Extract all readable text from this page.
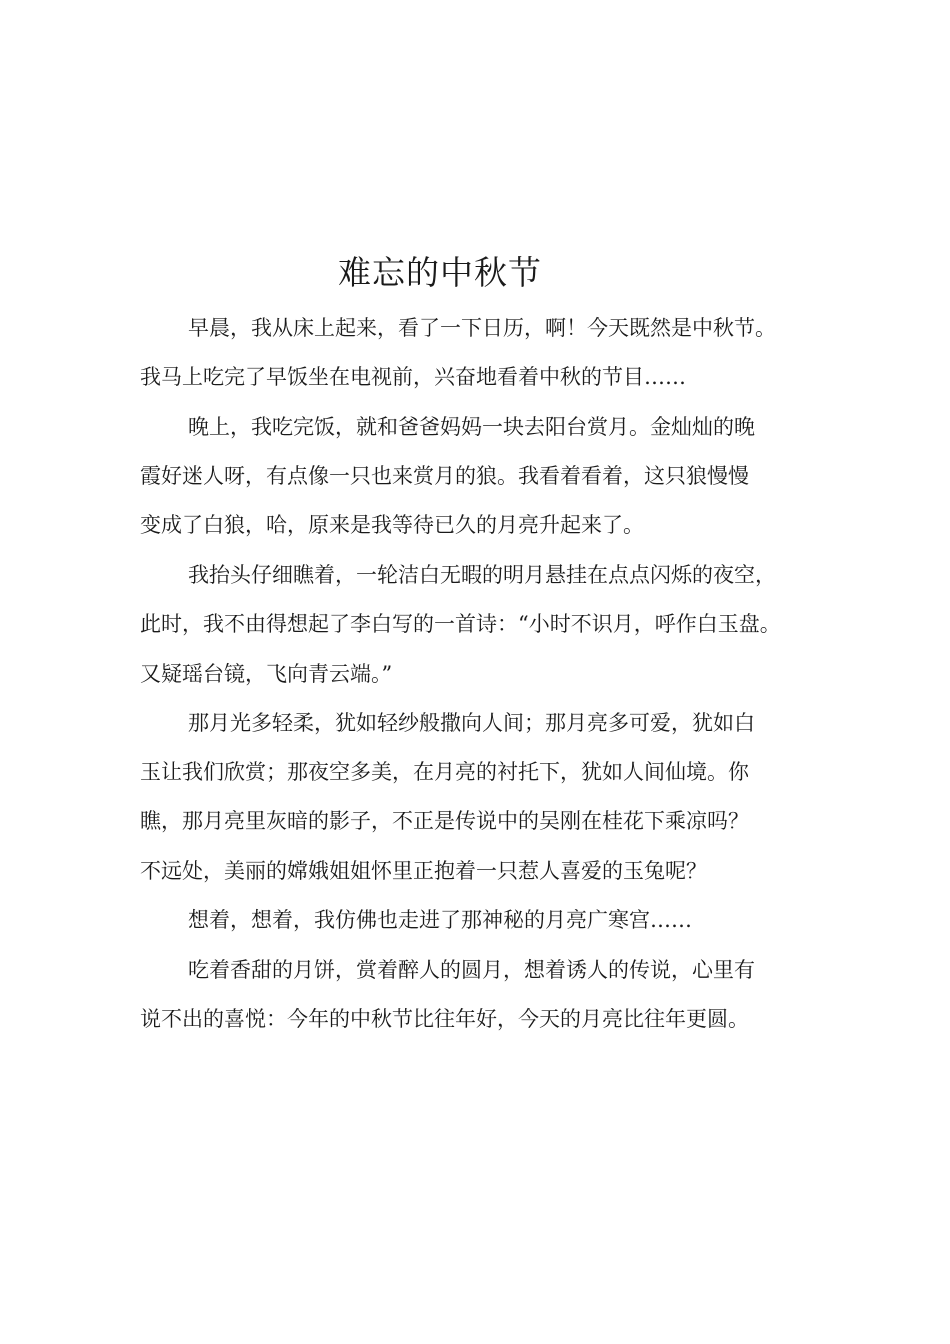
难忘的中秋节

早晨，我从床上起来，看了一下日历，啊！今天既然是中秋节。

我马上吃完了早饭坐在电视前，兴奋地看着中秋的节目……

晚上，我吃完饭，就和爸爸妈妈一块去阳台赏月。金灿灿的晚

霞好迷人呀，有点像一只也来赏月的狼。我看着看着，这只狼慢慢

变成了白狼，哈，原来是我等待已久的月亮升起来了。

我抬头仔细瞧着，一轮洁白无暇的明月悬挂在点点闪烁的夜空，

此时，我不由得想起了李白写的一首诗：“小时不识月，呼作白玉盘。

又疑瑶台镜，飞向青云端。”

那月光多轻柔，犹如轻纱般撒向人间；那月亮多可爱，犹如白

玉让我们欣赏；那夜空多美，在月亮的衬托下，犹如人间仙境。你

瞧，那月亮里灰暗的影子，不正是传说中的吴刚在桂花下乘凉吗？

不远处，美丽的嫦娥姐姐怀里正抱着一只惹人喜爱的玉兔呢？

想着，想着，我仿佛也走进了那神秘的月亮广寒宫……

吃着香甜的月饼，赏着醉人的圆月，想着诱人的传说，心里有

说不出的喜悦：今年的中秋节比往年好，今天的月亮比往年更圆。
